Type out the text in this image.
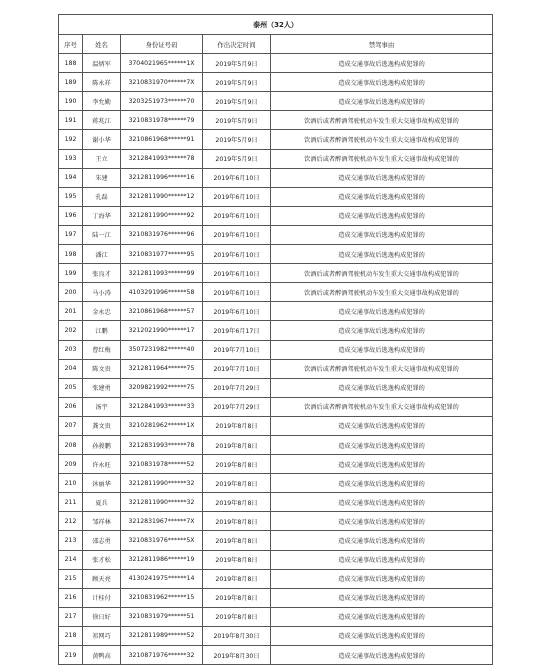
泰州（32人）				
序号	姓名	身份证号码	作出决定时间	禁驾事由
188	温炳军	3704021965******1X	2019年5月9日	造成交通事故后逃逸构成犯罪的
189	陈永祥	3210831970******7X	2019年5月9日	造成交通事故后逃逸构成犯罪的
190	李允勤	3203251973******70	2019年5月9日	造成交通事故后逃逸构成犯罪的
191	蒋兆江	3210831978******79	2019年5月9日	饮酒后或者醉酒驾驶机动车发生重大交通事故构成犯罪的
192	谢小华	3210861968******91	2019年5月9日	饮酒后或者醉酒驾驶机动车发生重大交通事故构成犯罪的
193	王立	3212841993******78	2019年5月9日	饮酒后或者醉酒驾驶机动车发生重大交通事故构成犯罪的
194	朱建	3212811996******16	2019年6月10日	造成交通事故后逃逸构成犯罪的
195	孔磊	3212811990******12	2019年6月10日	造成交通事故后逃逸构成犯罪的
196	丁海华	3212811990******92	2019年6月10日	造成交通事故后逃逸构成犯罪的
197	陆一江	3210831976******96	2019年6月10日	造成交通事故后逃逸构成犯罪的
198	潘江	3210831977******95	2019年6月10日	造成交通事故后逃逸构成犯罪的
199	张良才	3212811993******99	2019年6月10日	饮酒后或者醉酒驾驶机动车发生重大交通事故构成犯罪的
200	马小涛	4103291996******58	2019年6月10日	饮酒后或者醉酒驾驶机动车发生重大交通事故构成犯罪的
201	金永忠	3210861968******57	2019年6月10日	造成交通事故后逃逸构成犯罪的
202	江鹏	3212021990******17	2019年6月17日	造成交通事故后逃逸构成犯罪的
203	曹红梅	3507231982******40	2019年7月10日	造成交通事故后逃逸构成犯罪的
204	陈文贵	3212811964******75	2019年7月10日	饮酒后或者醉酒驾驶机动车发生重大交通事故构成犯罪的
205	张建勇	3209821992******75	2019年7月29日	造成交通事故后逃逸构成犯罪的
206	汤宇	3212841993******33	2019年7月29日	饮酒后或者醉酒驾驶机动车发生重大交通事故构成犯罪的
207	龚文贵	3210281962******1X	2019年8月8日	造成交通事故后逃逸构成犯罪的
208	孙骏鹏	3212831993******78	2019年8月8日	造成交通事故后逃逸构成犯罪的
209	许永旺	3210831978******52	2019年8月8日	造成交通事故后逃逸构成犯罪的
210	沐丽华	3212811990******32	2019年8月8日	造成交通事故后逃逸构成犯罪的
211	夏兵	3212811990******32	2019年8月8日	造成交通事故后逃逸构成犯罪的
212	邹祥林	3212831967******7X	2019年8月8日	造成交通事故后逃逸构成犯罪的
213	邵志勇	3210831976******5X	2019年8月8日	造成交通事故后逃逸构成犯罪的
214	张才松	3212811986******19	2019年8月8日	造成交通事故后逃逸构成犯罪的
215	顾天亮	4130241975******14	2019年8月8日	造成交通事故后逃逸构成犯罪的
216	计桂付	3210831962******15	2019年8月8日	造成交通事故后逃逸构成犯罪的
217	徐日好	3210831979******51	2019年8月8日	造成交通事故后逃逸构成犯罪的
218	祁网巧	3212811989******52	2019年8月30日	造成交通事故后逃逸构成犯罪的
219	黄鸭高	3210871976******32	2019年8月30日	造成交通事故后逃逸构成犯罪的
